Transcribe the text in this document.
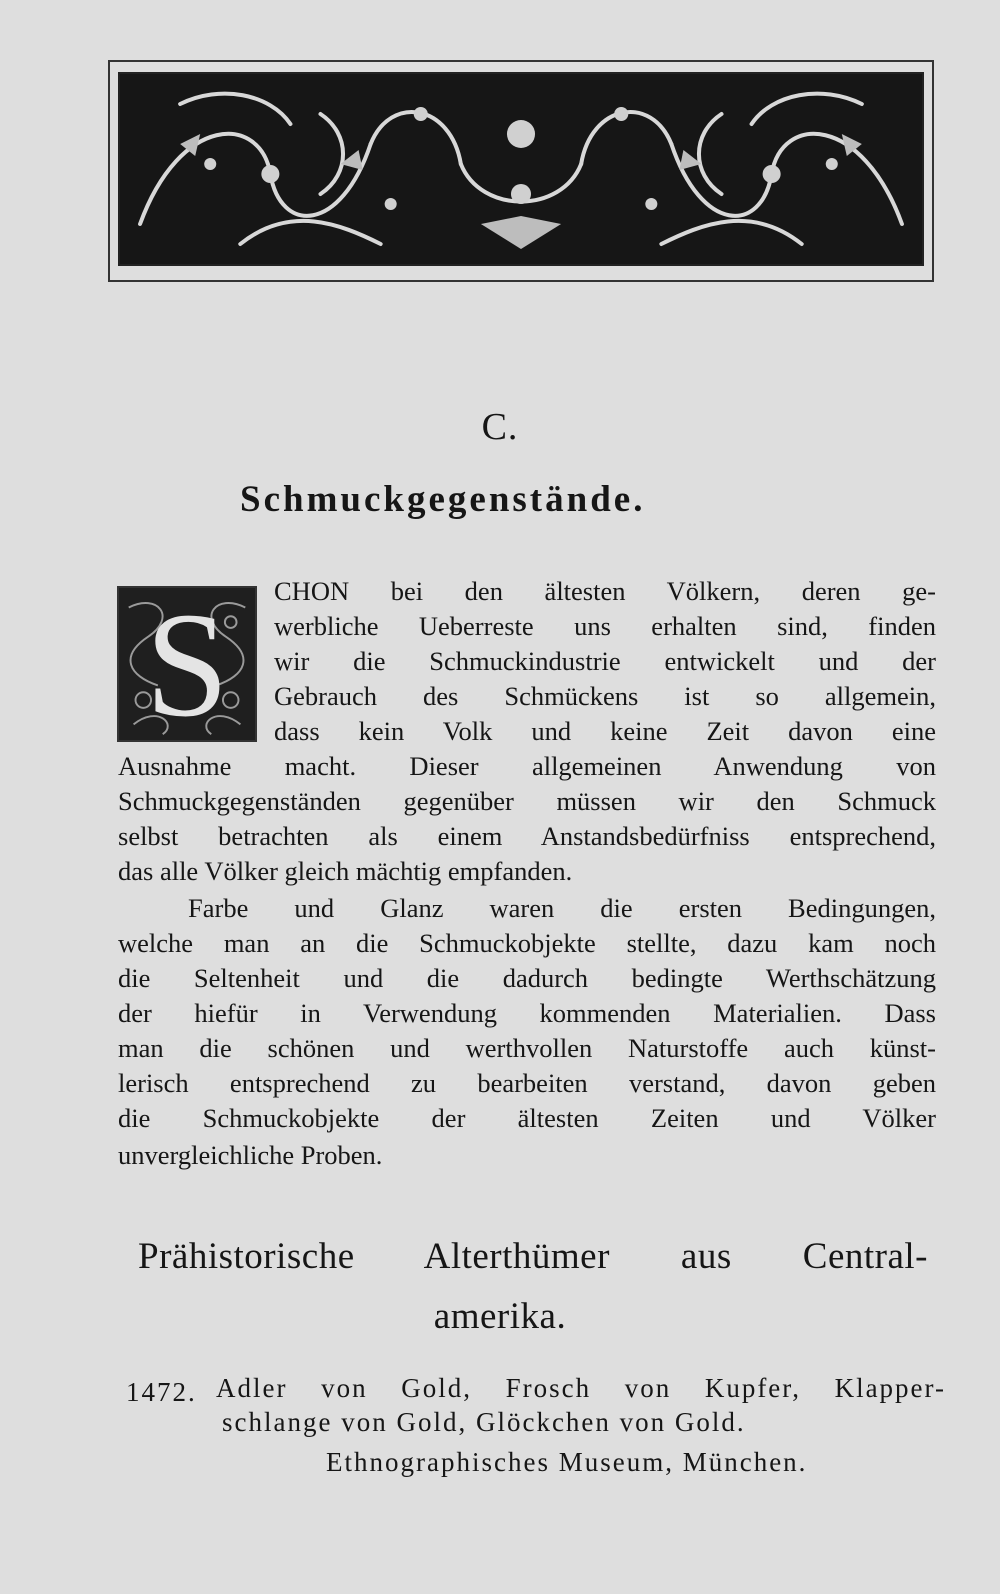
C.
Schmuckgegenstände.
S	CHON bei den ältesten Völkern, deren ge-
werbliche Ueberreste uns erhalten sind, finden
wir die Schmuckindustrie entwickelt und der
Gebrauch des Schmückens ist so allgemein,
dass kein Volk und keine Zeit davon eine
Ausnahme macht. Dieser allgemeinen Anwendung von
Schmuckgegenständen gegenüber müssen wir den Schmuck
selbst betrachten als einem Anstandsbedürfniss entsprechend,
das alle Völker gleich mächtig empfanden.
Farbe und Glanz waren die ersten Bedingungen,
welche man an die Schmuckobjekte stellte, dazu kam noch
die Seltenheit und die dadurch bedingte Werthschätzung
der hiefür in Verwendung kommenden Materialien. Dass
man die schönen und werthvollen Naturstoffe auch künst-
lerisch entsprechend zu bearbeiten verstand, davon geben
die Schmuckobjekte der ältesten Zeiten und Völker
unvergleichliche Proben.
Prähistorische Alterthümer aus Central-
amerika.
1472. Adler von Gold, Frosch von Kupfer, Klapper-
schlange von Gold, Glöckchen von Gold.
Ethnographisches Museum, München.
